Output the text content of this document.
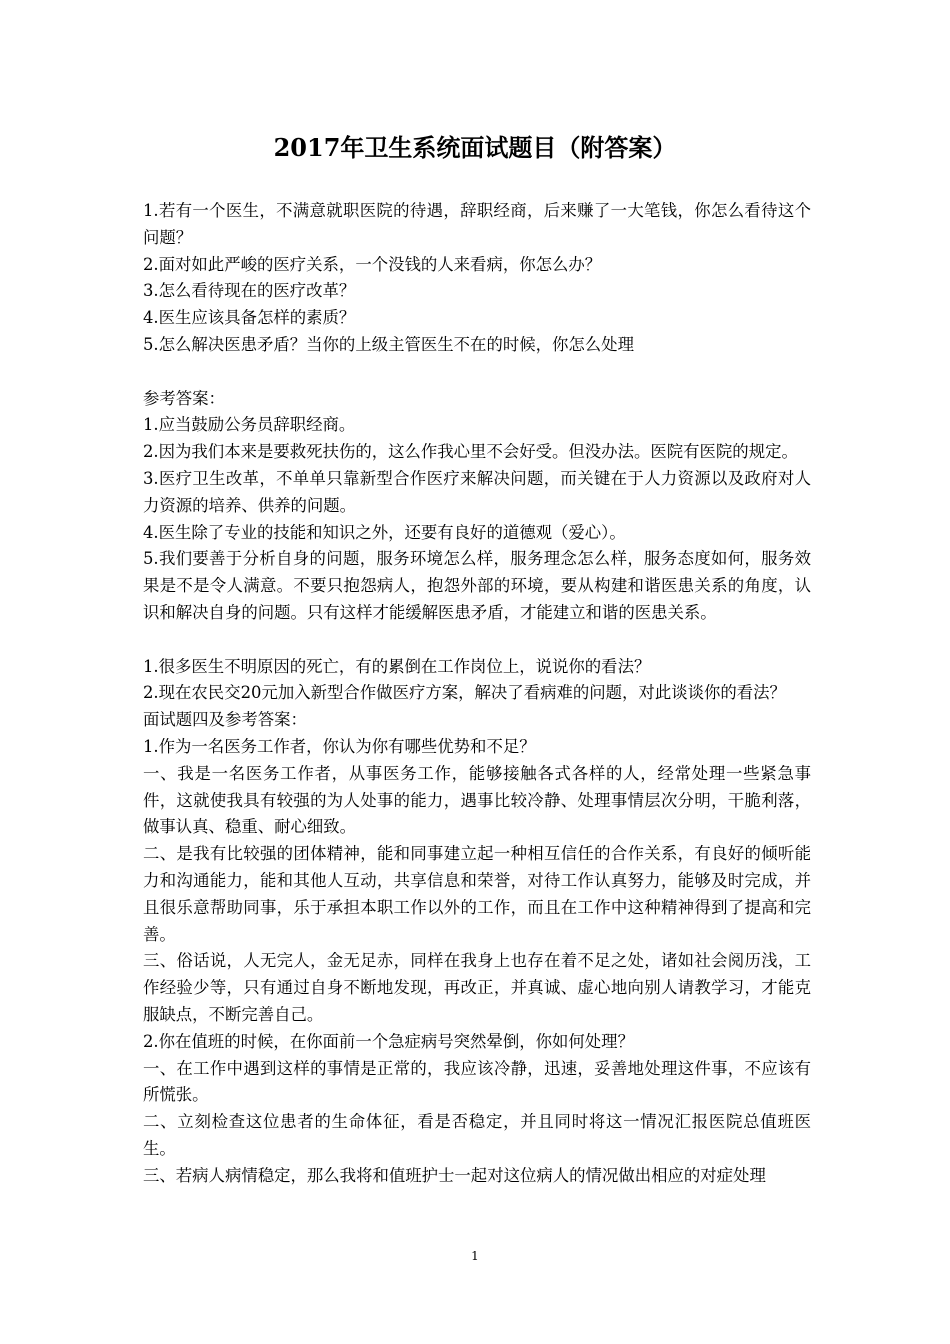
2017年卫生系统面试题目（附答案）

1.若有一个医生，不满意就职医院的待遇，辞职经商，后来赚了一大笔钱，你怎么看待这个问题？

2.面对如此严峻的医疗关系，一个没钱的人来看病，你怎么办？

3.怎么看待现在的医疗改革？

4.医生应该具备怎样的素质？

5.怎么解决医患矛盾？当你的上级主管医生不在的时候，你怎么处理

参考答案：

1.应当鼓励公务员辞职经商。

2.因为我们本来是要救死扶伤的，这么作我心里不会好受。但没办法。医院有医院的规定。

3.医疗卫生改革，不单单只靠新型合作医疗来解决问题，而关键在于人力资源以及政府对人力资源的培养、供养的问题。

4.医生除了专业的技能和知识之外，还要有良好的道德观（爱心）。

5.我们要善于分析自身的问题，服务环境怎么样，服务理念怎么样，服务态度如何，服务效果是不是令人满意。不要只抱怨病人，抱怨外部的环境，要从构建和谐医患关系的角度，认识和解决自身的问题。只有这样才能缓解医患矛盾，才能建立和谐的医患关系。

1.很多医生不明原因的死亡，有的累倒在工作岗位上，说说你的看法？

2.现在农民交20元加入新型合作做医疗方案，解决了看病难的问题，对此谈谈你的看法？

面试题四及参考答案：

1.作为一名医务工作者，你认为你有哪些优势和不足？

一、我是一名医务工作者，从事医务工作，能够接触各式各样的人，经常处理一些紧急事件，这就使我具有较强的为人处事的能力，遇事比较冷静、处理事情层次分明，干脆利落，做事认真、稳重、耐心细致。

二、是我有比较强的团体精神，能和同事建立起一种相互信任的合作关系，有良好的倾听能力和沟通能力，能和其他人互动，共享信息和荣誉，对待工作认真努力，能够及时完成，并且很乐意帮助同事，乐于承担本职工作以外的工作，而且在工作中这种精神得到了提高和完善。

三、俗话说，人无完人，金无足赤，同样在我身上也存在着不足之处，诸如社会阅历浅，工作经验少等，只有通过自身不断地发现，再改正，并真诚、虚心地向别人请教学习，才能克服缺点，不断完善自己。

2.你在值班的时候，在你面前一个急症病号突然晕倒，你如何处理？

一、在工作中遇到这样的事情是正常的，我应该冷静，迅速，妥善地处理这件事，不应该有所慌张。

二、立刻检查这位患者的生命体征，看是否稳定，并且同时将这一情况汇报医院总值班医生。

三、若病人病情稳定，那么我将和值班护士一起对这位病人的情况做出相应的对症处理

1
